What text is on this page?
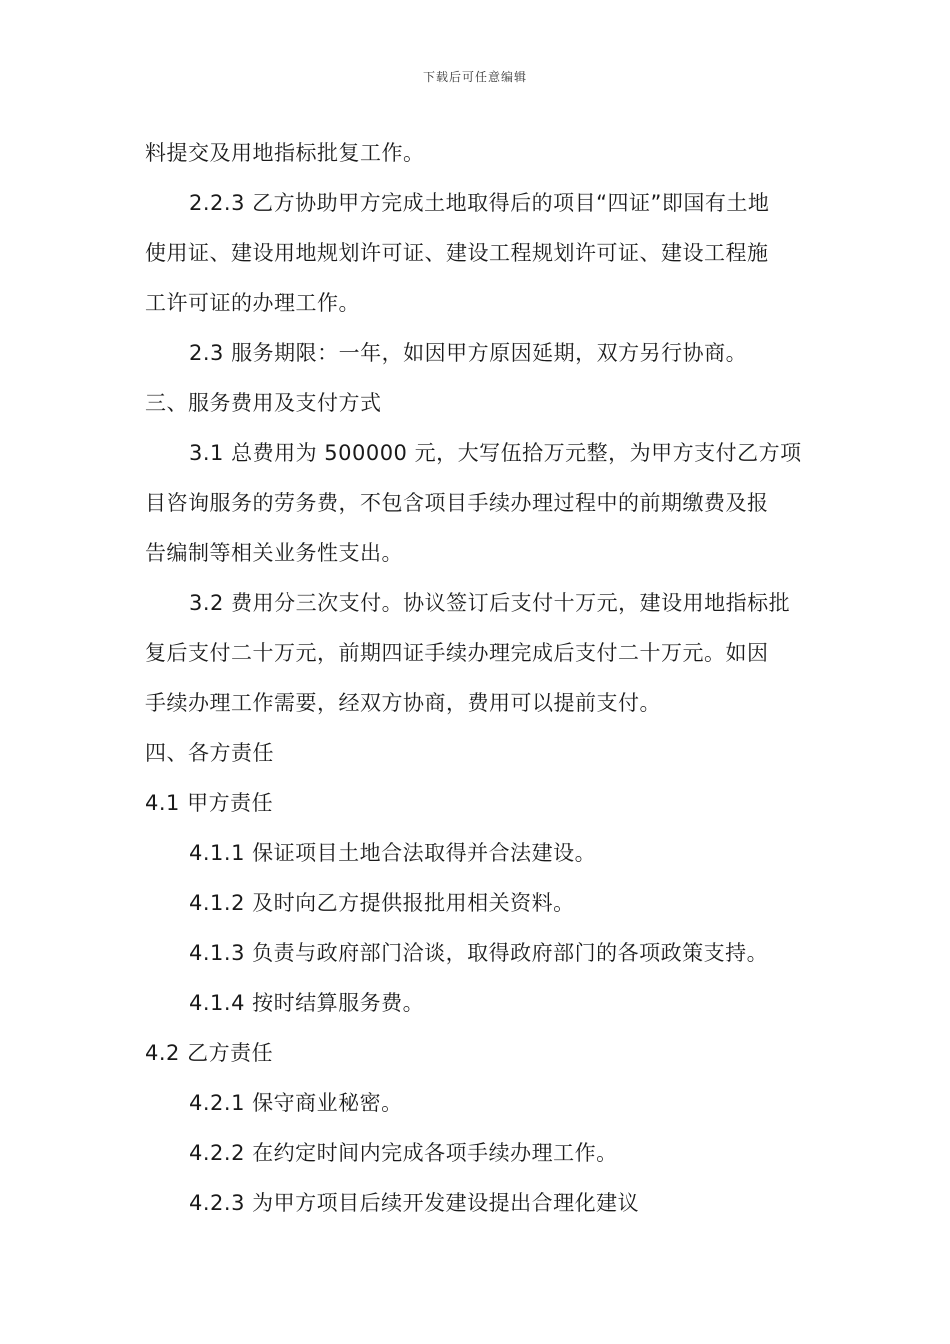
下载后可任意编辑
料提交及用地指标批复工作。
2.2.3 乙方协助甲方完成土地取得后的项目“四证”即国有土地
使用证、建设用地规划许可证、建设工程规划许可证、建设工程施
工许可证的办理工作。
2.3 服务期限：一年，如因甲方原因延期，双方另行协商。
三、服务费用及支付方式
3.1 总费用为 500000 元，大写伍拾万元整，为甲方支付乙方项
目咨询服务的劳务费，不包含项目手续办理过程中的前期缴费及报
告编制等相关业务性支出。
3.2 费用分三次支付。协议签订后支付十万元，建设用地指标批
复后支付二十万元，前期四证手续办理完成后支付二十万元。如因
手续办理工作需要，经双方协商，费用可以提前支付。
四、各方责任
4.1 甲方责任
4.1.1 保证项目土地合法取得并合法建设。
4.1.2 及时向乙方提供报批用相关资料。
4.1.3 负责与政府部门洽谈，取得政府部门的各项政策支持。
4.1.4 按时结算服务费。
4.2 乙方责任
4.2.1 保守商业秘密。
4.2.2 在约定时间内完成各项手续办理工作。
4.2.3 为甲方项目后续开发建设提出合理化建议
